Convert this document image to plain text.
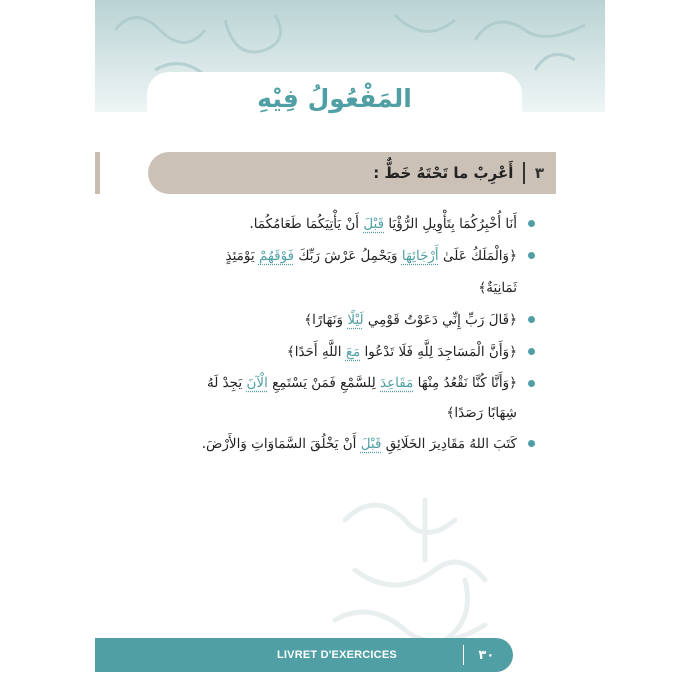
المَفْعُولُ فِيْهِ
٣
أَعْرِبْ ما تَحْتَهُ خَطٌّ :
أَنَا أُخْبِرُكُمَا بِتَأْوِيلِ الرُّؤْيَا قَبْلَ أَنْ يَأْتِيَكُمَا طَعَامُكُمَا.
﴿وَالْمَلَكُ عَلَىٰ أَرْجَائِهَا وَيَحْمِلُ عَرْشَ رَبِّكَ فَوْقَهُمْ يَوْمَئِذٍ ثَمَانِيَةٌ﴾
﴿قَالَ رَبِّ إِنِّي دَعَوْتُ قَوْمِي لَيْلًا وَنَهَارًا﴾
﴿وَأَنَّ الْمَسَاجِدَ لِلَّهِ فَلَا تَدْعُوا مَعَ اللَّهِ أَحَدًا﴾
﴿وَأَنَّا كُنَّا نَقْعُدُ مِنْهَا مَقَاعِدَ لِلسَّمْعِ فَمَنْ يَسْتَمِعِ الْآنَ يَجِدْ لَهُ شِهَابًا رَصَدًا﴾
كَتَبَ اللهُ مَقَادِيرَ الخَلَائِقِ قَبْلَ أَنْ يَخْلُقَ السَّمَاوَاتِ وَالأَرْضَ.
LIVRET D'EXERCICES	٣٠
